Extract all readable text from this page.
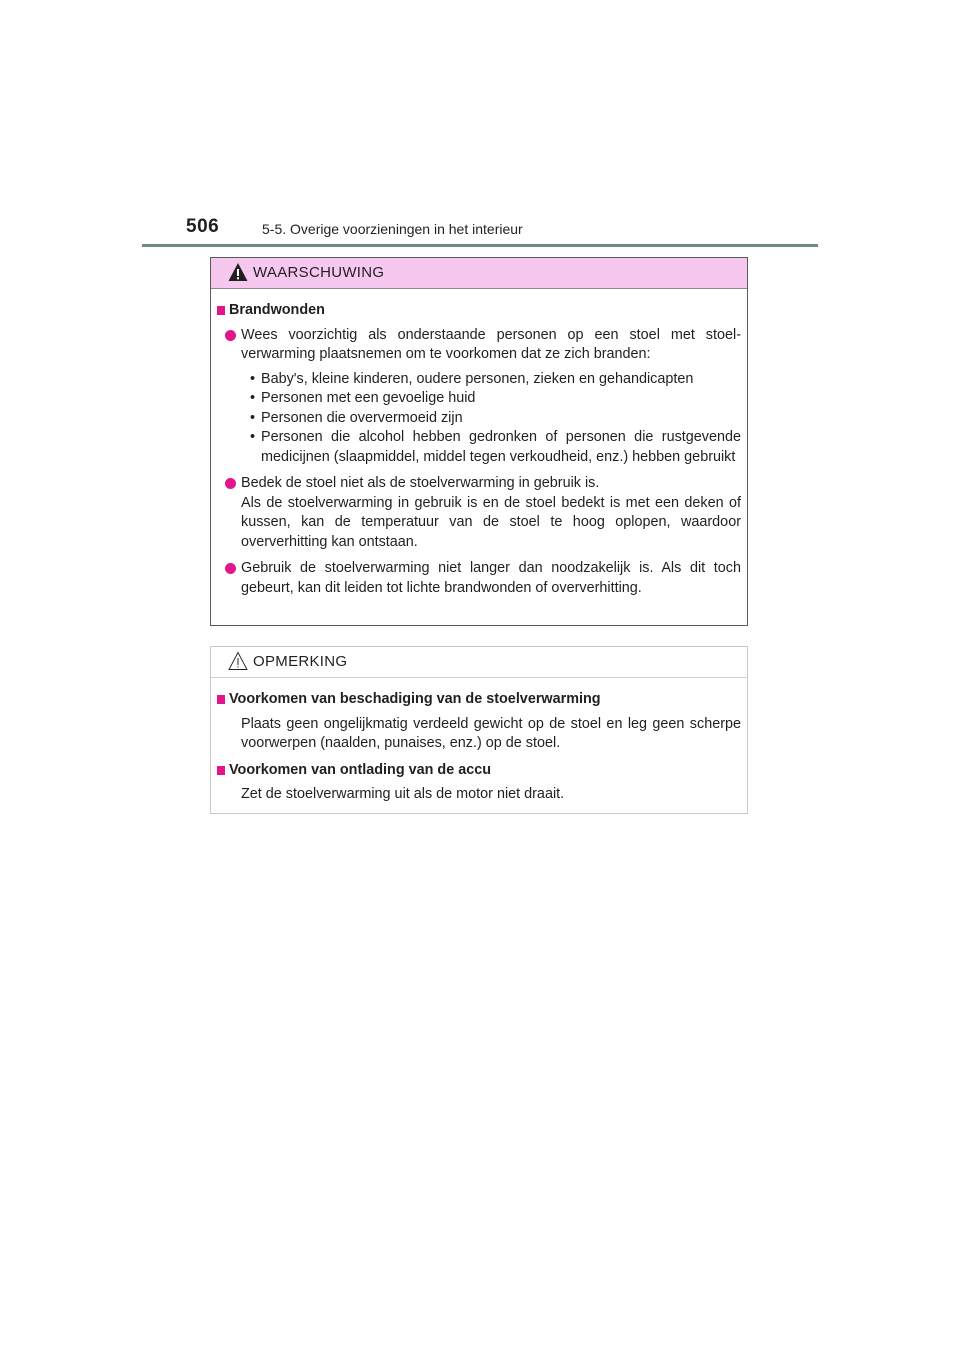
506	5-5. Overige voorzieningen in het interieur
WAARSCHUWING
Brandwonden
Wees voorzichtig als onderstaande personen op een stoel met stoel-verwarming plaatsnemen om te voorkomen dat ze zich branden:
• Baby's, kleine kinderen, oudere personen, zieken en gehandicapten
• Personen met een gevoelige huid
• Personen die oververmoeid zijn
• Personen die alcohol hebben gedronken of personen die rustgevende medicijnen (slaapmiddel, middel tegen verkoudheid, enz.) hebben gebruikt
Bedek de stoel niet als de stoelverwarming in gebruik is.
Als de stoelverwarming in gebruik is en de stoel bedekt is met een deken of kussen, kan de temperatuur van de stoel te hoog oplopen, waardoor oververhitting kan ontstaan.
Gebruik de stoelverwarming niet langer dan noodzakelijk is. Als dit toch gebeurt, kan dit leiden tot lichte brandwonden of oververhitting.
OPMERKING
Voorkomen van beschadiging van de stoelverwarming
Plaats geen ongelijkmatig verdeeld gewicht op de stoel en leg geen scherpe voorwerpen (naalden, punaises, enz.) op de stoel.
Voorkomen van ontlading van de accu
Zet de stoelverwarming uit als de motor niet draait.
